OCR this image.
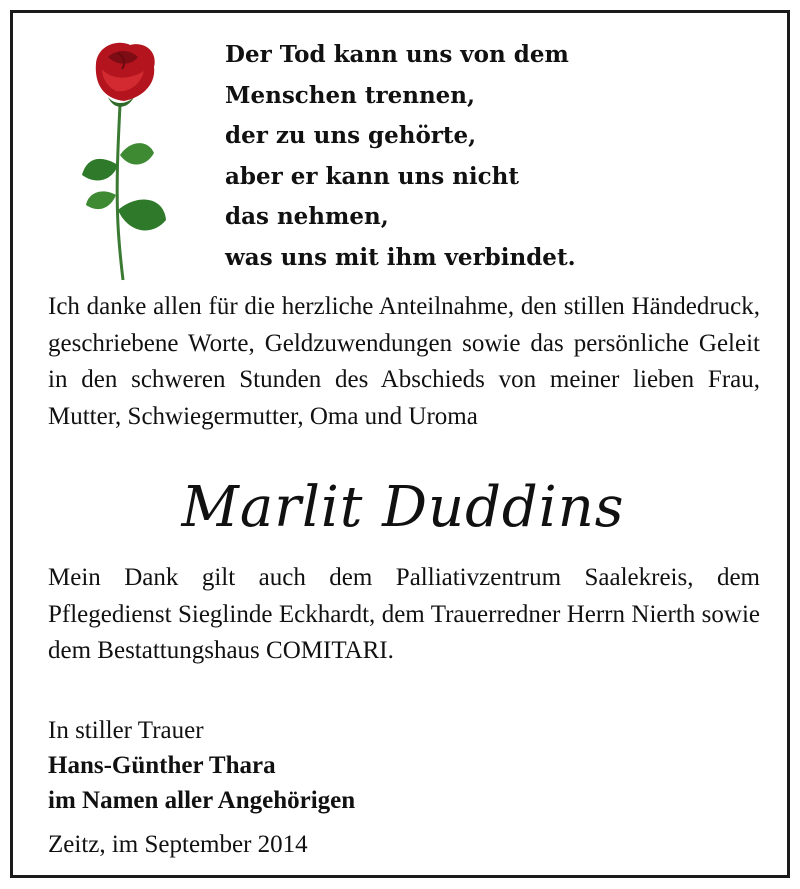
Der Tod kann uns von dem
Menschen trennen,
der zu uns gehörte,
aber er kann uns nicht
das nehmen,
was uns mit ihm verbindet.
Ich danke allen für die herzliche Anteilnahme, den stillen Händedruck, geschriebene Worte, Geldzuwendungen sowie das persönliche Geleit in den schweren Stunden des Abschieds von meiner lieben Frau, Mutter, Schwiegermutter, Oma und Uroma
Marlit Duddins
Mein Dank gilt auch dem Palliativzentrum Saalekreis, dem Pflegedienst Sieglinde Eckhardt, dem Trauerredner Herrn Nierth sowie dem Bestattungshaus COMITARI.
In stiller Trauer
Hans-Günther Thara
im Namen aller Angehörigen
Zeitz, im September 2014
